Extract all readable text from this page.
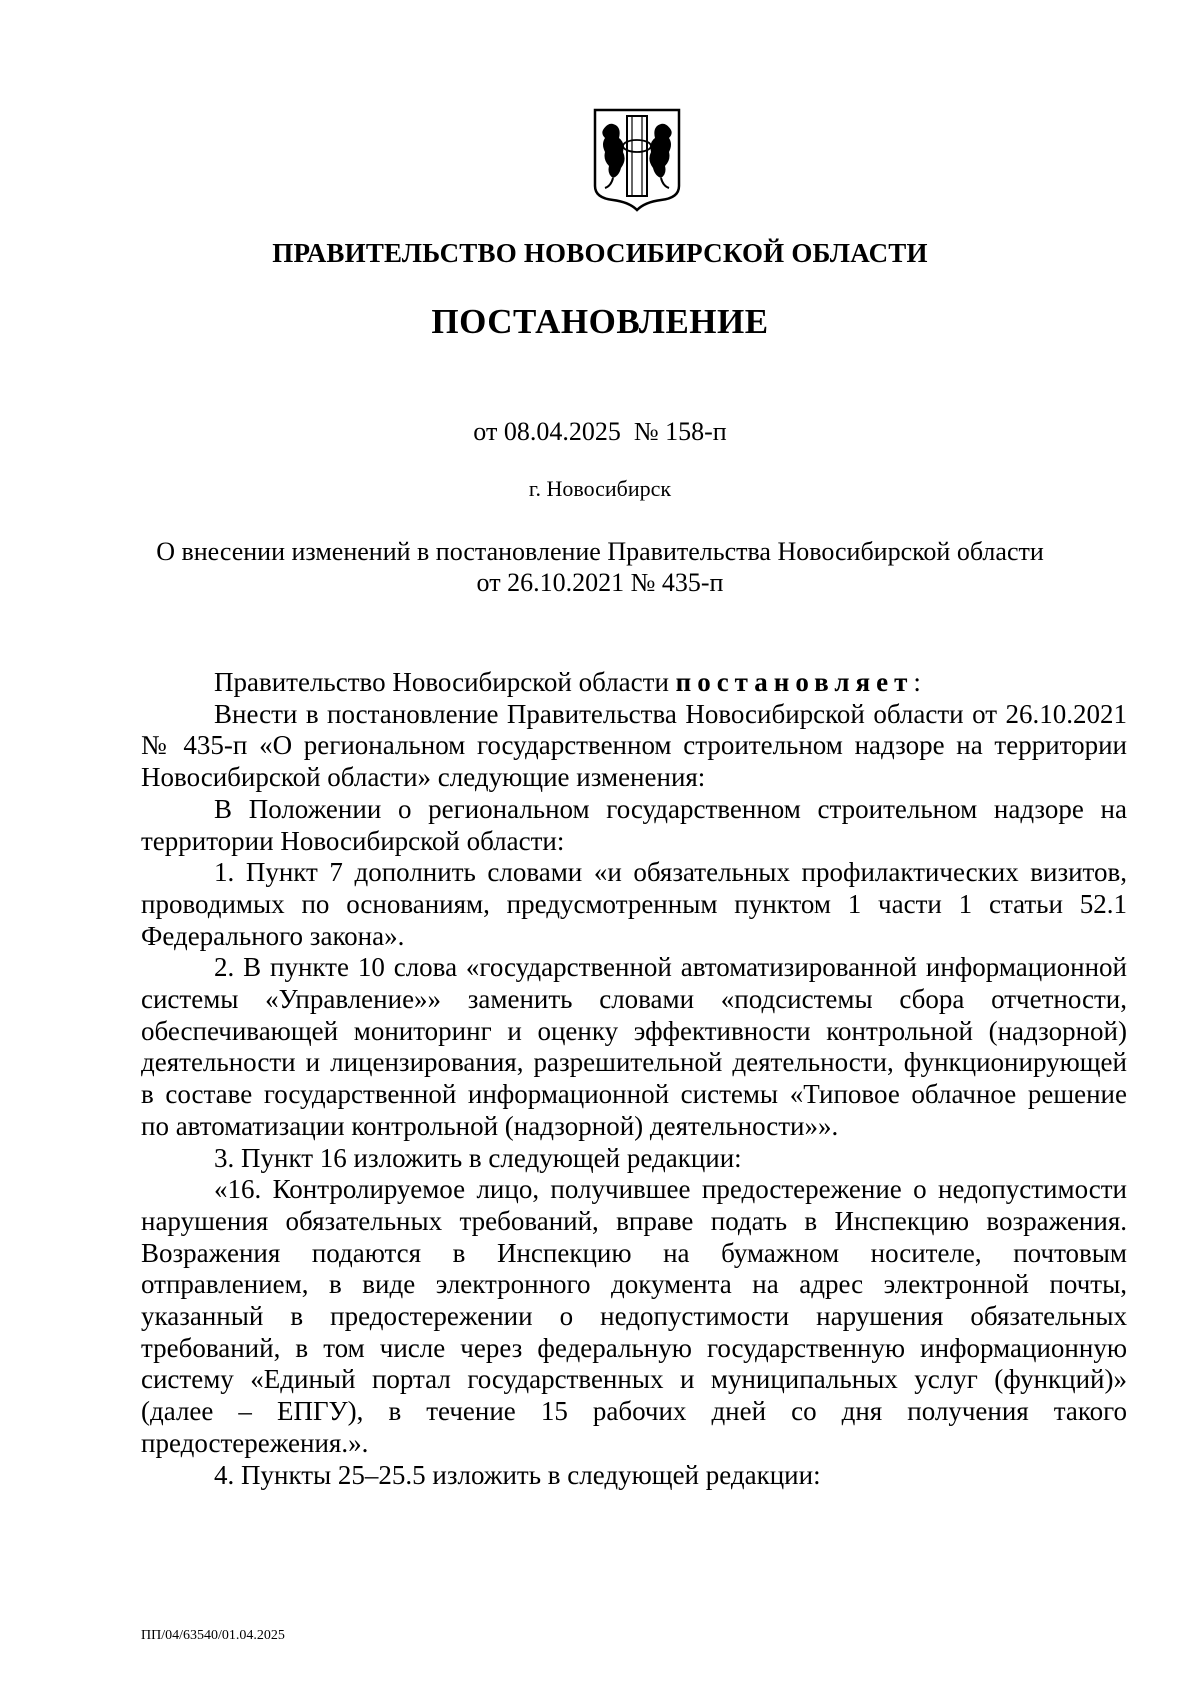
ПРАВИТЕЛЬСТВО НОВОСИБИРСКОЙ ОБЛАСТИ
ПОСТАНОВЛЕНИЕ
от 08.04.2025  № 158-п
г. Новосибирск
О внесении изменений в постановление Правительства Новосибирской области
от 26.10.2021 № 435-п

Правительство Новосибирской области постановляет:

Внести в постановление Правительства Новосибирской области от 26.10.2021 № 435-п «О региональном государственном строительном надзоре на территории Новосибирской области» следующие изменения:

В Положении о региональном государственном строительном надзоре на территории Новосибирской области:

1. Пункт 7 дополнить словами «и обязательных профилактических визитов, проводимых по основаниям, предусмотренным пунктом 1 части 1 статьи 52.1 Федерального закона».

2. В пункте 10 слова «государственной автоматизированной информационной системы «Управление»» заменить словами «подсистемы сбора отчетности, обеспечивающей мониторинг и оценку эффективности контрольной (надзорной) деятельности и лицензирования, разрешительной деятельности, функционирующей в составе государственной информационной системы «Типовое облачное решение по автоматизации контрольной (надзорной) деятельности»».

3. Пункт 16 изложить в следующей редакции:

«16. Контролируемое лицо, получившее предостережение о недопустимости нарушения обязательных требований, вправе подать в Инспекцию возражения. Возражения подаются в Инспекцию на бумажном носителе, почтовым отправлением, в виде электронного документа на адрес электронной почты, указанный в предостережении о недопустимости нарушения обязательных требований, в том числе через федеральную государственную информационную систему «Единый портал государственных и муниципальных услуг (функций)» (далее – ЕПГУ), в течение 15 рабочих дней со дня получения такого предостережения.».

4. Пункты 25–25.5 изложить в следующей редакции:

ПП/04/63540/01.04.2025
